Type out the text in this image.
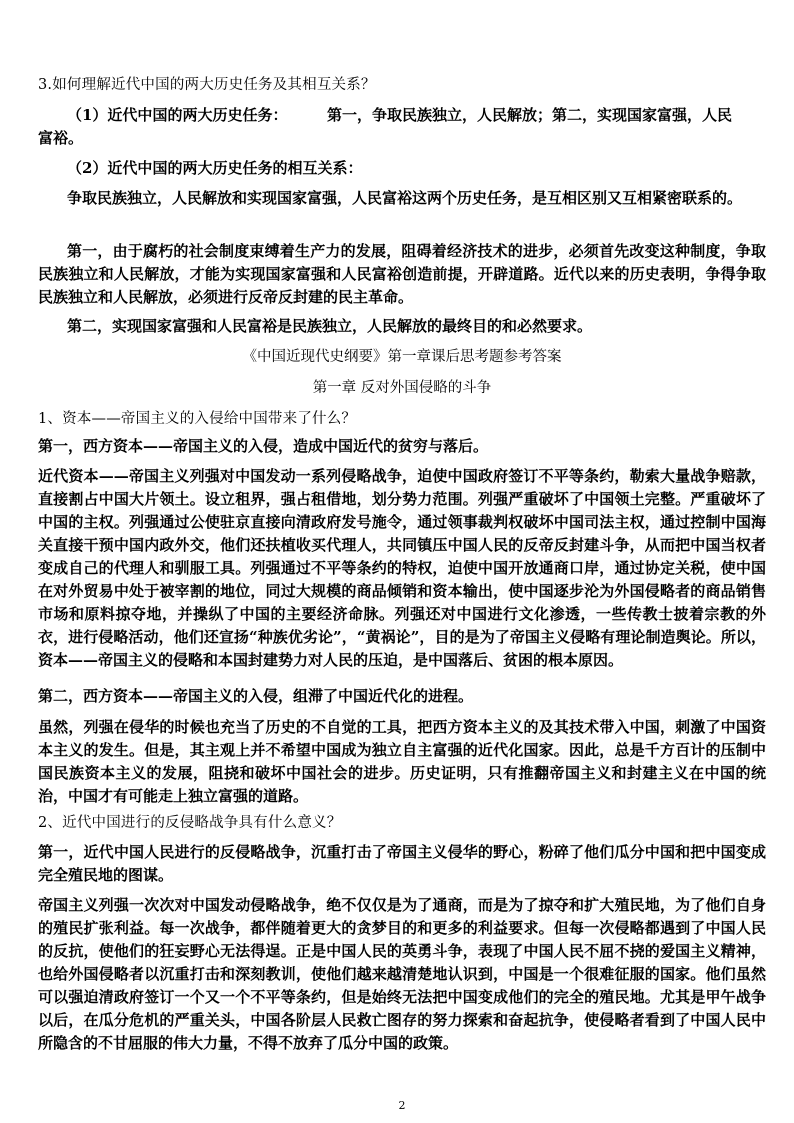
3.如何理解近代中国的两大历史任务及其相互关系？
（1）近代中国的两大历史任务：	第一，争取民族独立，人民解放；第二，实现国家富强，人民
富裕。
（2）近代中国的两大历史任务的相互关系：
争取民族独立，人民解放和实现国家富强，人民富裕这两个历史任务，是互相区别又互相紧密联系的。
第一，由于腐朽的社会制度束缚着生产力的发展，阻碍着经济技术的进步，必须首先改变这种制度，争取民族独立和人民解放，才能为实现国家富强和人民富裕创造前提，开辟道路。近代以来的历史表明，争得争取民族独立和人民解放，必须进行反帝反封建的民主革命。
第二，实现国家富强和人民富裕是民族独立，人民解放的最终目的和必然要求。
《中国近现代史纲要》第一章课后思考题参考答案
第一章 反对外国侵略的斗争
1、资本——帝国主义的入侵给中国带来了什么？
第一，西方资本——帝国主义的入侵，造成中国近代的贫穷与落后。
近代资本——帝国主义列强对中国发动一系列侵略战争，迫使中国政府签订不平等条约，勒索大量战争赔款，直接割占中国大片领土。设立租界，强占租借地，划分势力范围。列强严重破坏了中国领土完整。严重破坏了中国的主权。列强通过公使驻京直接向清政府发号施令，通过领事裁判权破坏中国司法主权，通过控制中国海关直接干预中国内政外交，他们还扶植收买代理人，共同镇压中国人民的反帝反封建斗争，从而把中国当权者变成自己的代理人和驯服工具。列强通过不平等条约的特权，迫使中国开放通商口岸，通过协定关税，使中国在对外贸易中处于被宰割的地位，同过大规模的商品倾销和资本输出，使中国逐步沦为外国侵略者的商品销售市场和原料掠夺地，并操纵了中国的主要经济命脉。列强还对中国进行文化渗透，一些传教士披着宗教的外衣，进行侵略活动，他们还宣扬“种族优劣论”，“黄祸论”，目的是为了帝国主义侵略有理论制造舆论。所以，资本——帝国主义的侵略和本国封建势力对人民的压迫，是中国落后、贫困的根本原因。
第二，西方资本——帝国主义的入侵，组滞了中国近代化的进程。
虽然，列强在侵华的时候也充当了历史的不自觉的工具，把西方资本主义的及其技术带入中国，刺激了中国资本主义的发生。但是，其主观上并不希望中国成为独立自主富强的近代化国家。因此，总是千方百计的压制中国民族资本主义的发展，阻挠和破坏中国社会的进步。历史证明，只有推翻帝国主义和封建主义在中国的统治，中国才有可能走上独立富强的道路。
2、近代中国进行的反侵略战争具有什么意义？
第一，近代中国人民进行的反侵略战争，沉重打击了帝国主义侵华的野心，粉碎了他们瓜分中国和把中国变成完全殖民地的图谋。
帝国主义列强一次次对中国发动侵略战争，绝不仅仅是为了通商，而是为了掠夺和扩大殖民地，为了他们自身的殖民扩张利益。每一次战争，都伴随着更大的贪梦目的和更多的利益要求。但每一次侵略都遇到了中国人民的反抗，使他们的狂妄野心无法得逞。正是中国人民的英勇斗争，表现了中国人民不屈不挠的爱国主义精神，也给外国侵略者以沉重打击和深刻教训，使他们越来越清楚地认识到，中国是一个很难征服的国家。他们虽然可以强迫清政府签订一个又一个不平等条约，但是始终无法把中国变成他们的完全的殖民地。尤其是甲午战争以后，在瓜分危机的严重关头，中国各阶层人民救亡图存的努力探索和奋起抗争，使侵略者看到了中国人民中所隐含的不甘屈服的伟大力量，不得不放弃了瓜分中国的政策。
2
